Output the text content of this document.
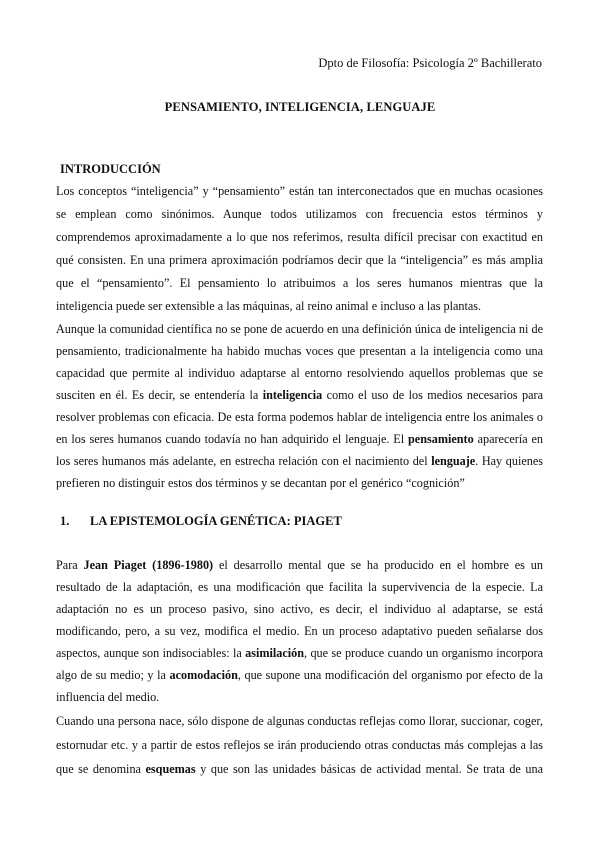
Dpto de Filosofía: Psicología 2º Bachillerato
PENSAMIENTO, INTELIGENCIA, LENGUAJE
INTRODUCCIÓN
Los conceptos “inteligencia” y “pensamiento” están tan interconectados que en muchas ocasiones
se emplean como sinónimos. Aunque todos utilizamos con frecuencia estos términos y
comprendemos aproximadamente a lo que nos referimos, resulta difícil precisar con exactitud en
qué consisten. En una primera aproximación podríamos decir que la “inteligencia” es más amplia
que el “pensamiento”. El pensamiento lo atribuimos a los seres humanos mientras que la
inteligencia puede ser extensible a las máquinas, al reino animal e incluso a las plantas.
Aunque la comunidad científica no se pone de acuerdo en una definición única de inteligencia ni de
pensamiento, tradicionalmente ha habido muchas voces que presentan a la inteligencia como una
capacidad que permite al individuo adaptarse al entorno resolviendo aquellos problemas que se
susciten en él. Es decir, se entendería la inteligencia como el uso de los medios necesarios para
resolver problemas con eficacia. De esta forma podemos hablar de inteligencia entre los animales o
en los seres humanos cuando todavía no han adquirido el lenguaje. El pensamiento aparecería en
los seres humanos más adelante, en estrecha relación con el nacimiento del lenguaje. Hay quienes
prefieren no distinguir estos dos términos y se decantan por el genérico “cognición”
1. LA EPISTEMOLOGÍA GENÉTICA: PIAGET
Para Jean Piaget (1896-1980) el desarrollo mental que se ha producido en el hombre es un
resultado de la adaptación, es una modificación que facilita la supervivencia de la especie. La
adaptación no es un proceso pasivo, sino activo, es decir, el individuo al adaptarse, se está
modificando, pero, a su vez, modifica el medio. En un proceso adaptativo pueden señalarse dos
aspectos, aunque son indisociables: la asimilación, que se produce cuando un organismo incorpora
algo de su medio; y la acomodación, que supone una modificación del organismo por efecto de la
influencia del medio.
Cuando una persona nace, sólo dispone de algunas conductas reflejas como llorar, succionar, coger,
estornudar etc. y a partir de estos reflejos se irán produciendo otras conductas más complejas a las
que se denomina esquemas y que son las unidades básicas de actividad mental. Se trata de una
